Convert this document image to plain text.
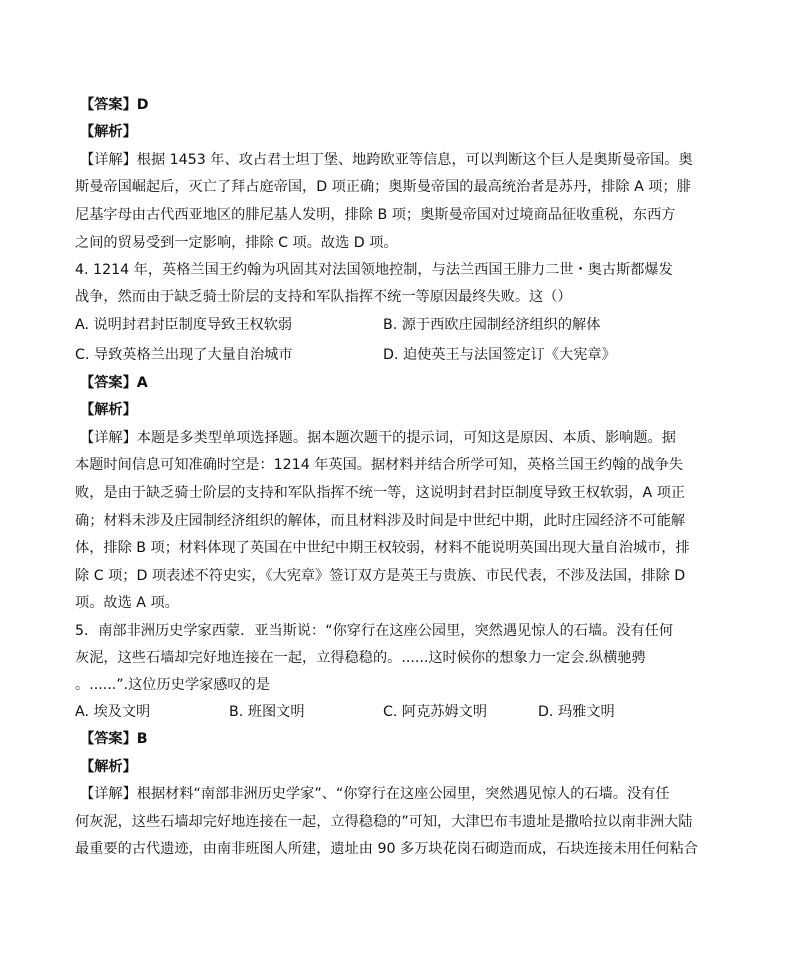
【答案】D
【解析】
【详解】根据 1453 年、攻占君士坦丁堡、地跨欧亚等信息，可以判断这个巨人是奥斯曼帝国。奥
斯曼帝国崛起后，灭亡了拜占庭帝国，D 项正确；奥斯曼帝国的最高统治者是苏丹，排除 A 项；腓
尼基字母由古代西亚地区的腓尼基人发明，排除 B 项；奥斯曼帝国对过境商品征收重税，东西方
之间的贸易受到一定影响，排除 C 项。故选 D 项。
4. 1214 年，英格兰国王约翰为巩固其对法国领地控制，与法兰西国王腓力二世・奥古斯都爆发
战争，然而由于缺乏骑士阶层的支持和军队指挥不统一等原因最终失败。这（）
A. 说明封君封臣制度导致王权软弱	B. 源于西欧庄园制经济组织的解体
C. 导致英格兰出现了大量自治城市	D. 迫使英王与法国签定订《大宪章》
【答案】A
【解析】
【详解】本题是多类型单项选择题。据本题次题干的提示词，可知这是原因、本质、影响题。据
本题时间信息可知准确时空是：1214 年英国。据材料并结合所学可知，英格兰国王约翰的战争失
败，是由于缺乏骑士阶层的支持和军队指挥不统一等，这说明封君封臣制度导致王权软弱，A 项正
确；材料未涉及庄园制经济组织的解体，而且材料涉及时间是中世纪中期，此时庄园经济不可能解
体，排除 B 项；材料体现了英国在中世纪中期王权较弱，材料不能说明英国出现大量自治城市，排
除 C 项；D 项表述不符史实，《大宪章》签订双方是英王与贵族、市民代表，不涉及法国，排除 D
项。故选 A 项。
5．南部非洲历史学家西蒙．亚当斯说：“你穿行在这座公园里，突然遇见惊人的石墙。没有任何
灰泥，这些石墙却完好地连接在一起，立得稳稳的。......这时候你的想象力一定会.纵横驰骋
。......”.这位历史学家感叹的是
A. 埃及文明	B. 班图文明	C. 阿克苏姆文明	D. 玛雅文明
【答案】B
【解析】
【详解】根据材料“南部非洲历史学家”、“你穿行在这座公园里，突然遇见惊人的石墙。没有任
何灰泥，这些石墙却完好地连接在一起，立得稳稳的”可知，大津巴布韦遗址是撒哈拉以南非洲大陆
最重要的古代遗迹，由南非班图人所建，遗址由 90 多万块花岗石砌造而成，石块连接未用任何粘合
